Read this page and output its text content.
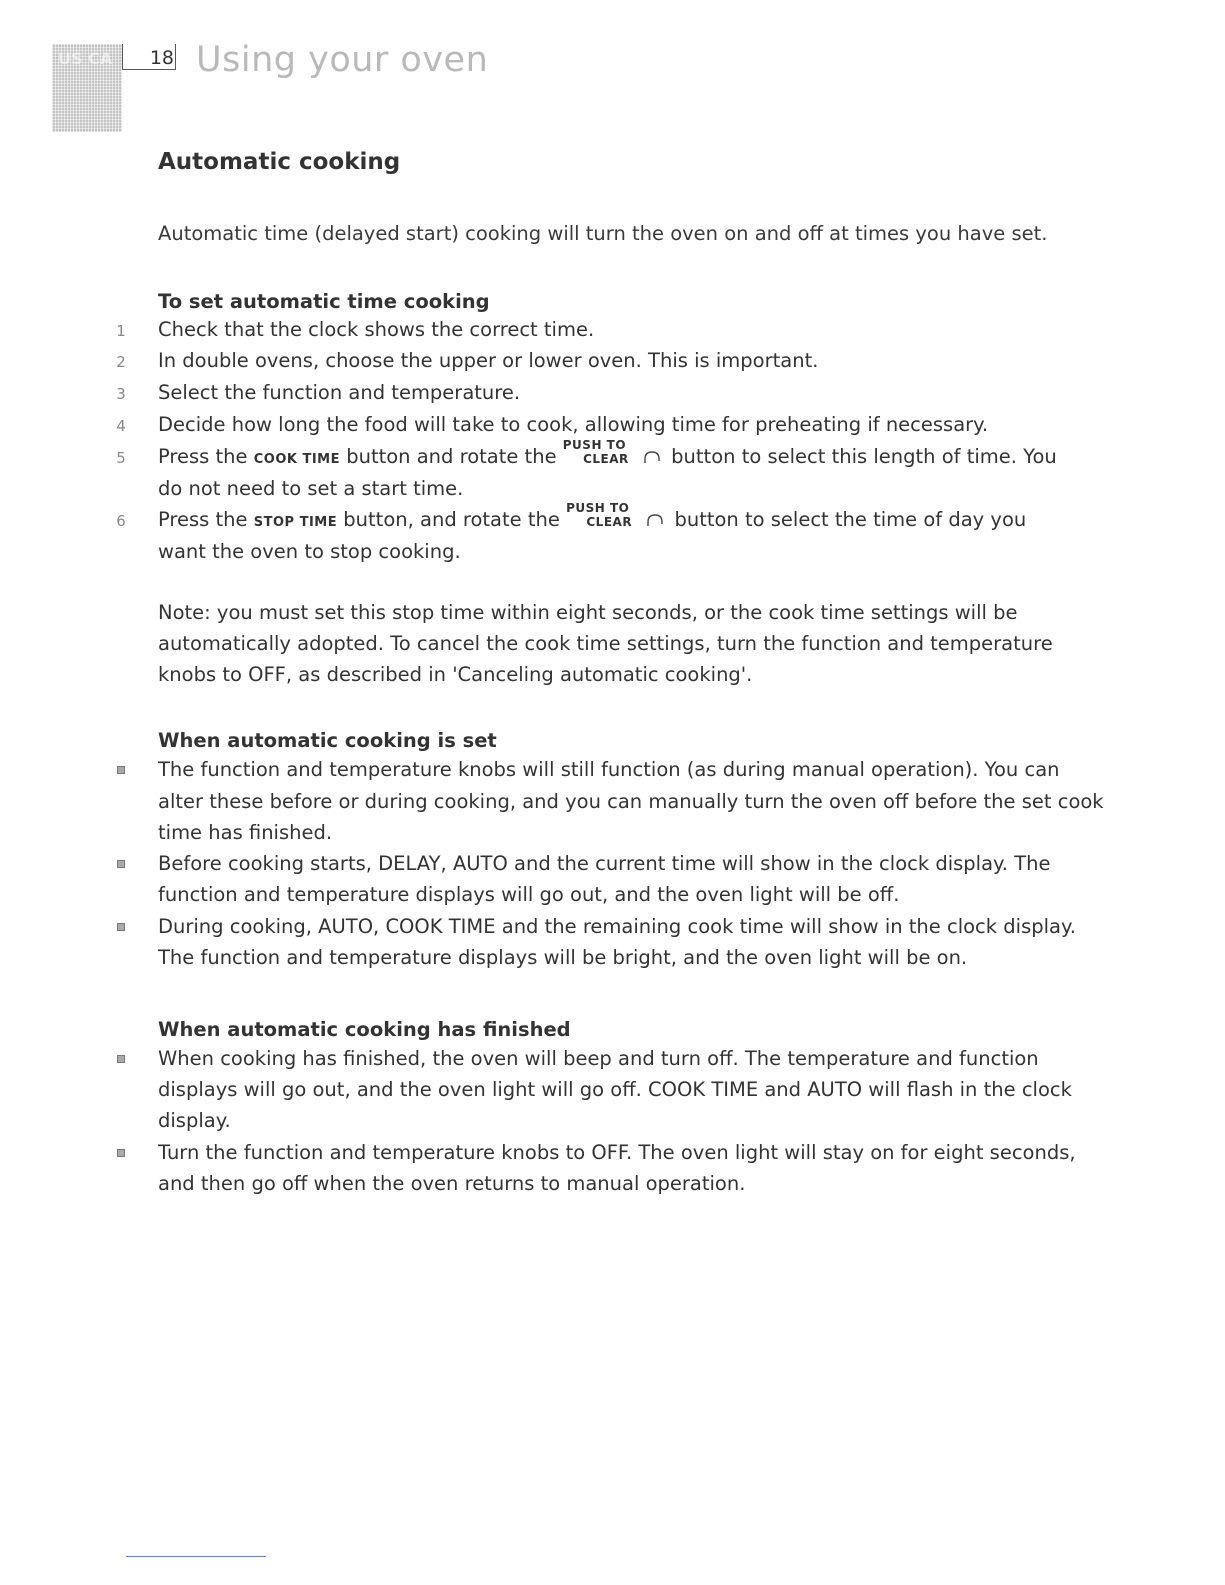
US CA	18 Using your oven
Automatic cooking
Automatic time (delayed start) cooking will turn the oven on and off at times you have set.
To set automatic time cooking
1 Check that the clock shows the correct time.
2 In double ovens, choose the upper or lower oven. This is important.
3 Select the function and temperature.
4 Decide how long the food will take to cook, allowing time for preheating if necessary.
5 Press the COOK TIME button and rotate the
PUSH TO
CLEAR button to select this length of time. You
do not need to set a start time.
6 Press the STOP TIME button, and rotate the
PUSH TO
CLEAR button to select the time of day you
want the oven to stop cooking.
Note: you must set this stop time within eight seconds, or the cook time settings will be
automatically adopted. To cancel the cook time settings, turn the function and temperature
knobs to OFF, as described in 'Canceling automatic cooking'.
When automatic cooking is set
The function and temperature knobs will still function (as during manual operation). You can
alter these before or during cooking, and you can manually turn the oven off before the set cook
time has finished.
Before cooking starts, DELAY, AUTO and the current time will show in the clock display. The
function and temperature displays will go out, and the oven light will be off.
During cooking, AUTO, COOK TIME and the remaining cook time will show in the clock display.
The function and temperature displays will be bright, and the oven light will be on.
When automatic cooking has finished
When cooking has finished, the oven will beep and turn off. The temperature and function
displays will go out, and the oven light will go off. COOK TIME and AUTO will flash in the clock
display.
Turn the function and temperature knobs to OFF. The oven light will stay on for eight seconds,
and then go off when the oven returns to manual operation.
